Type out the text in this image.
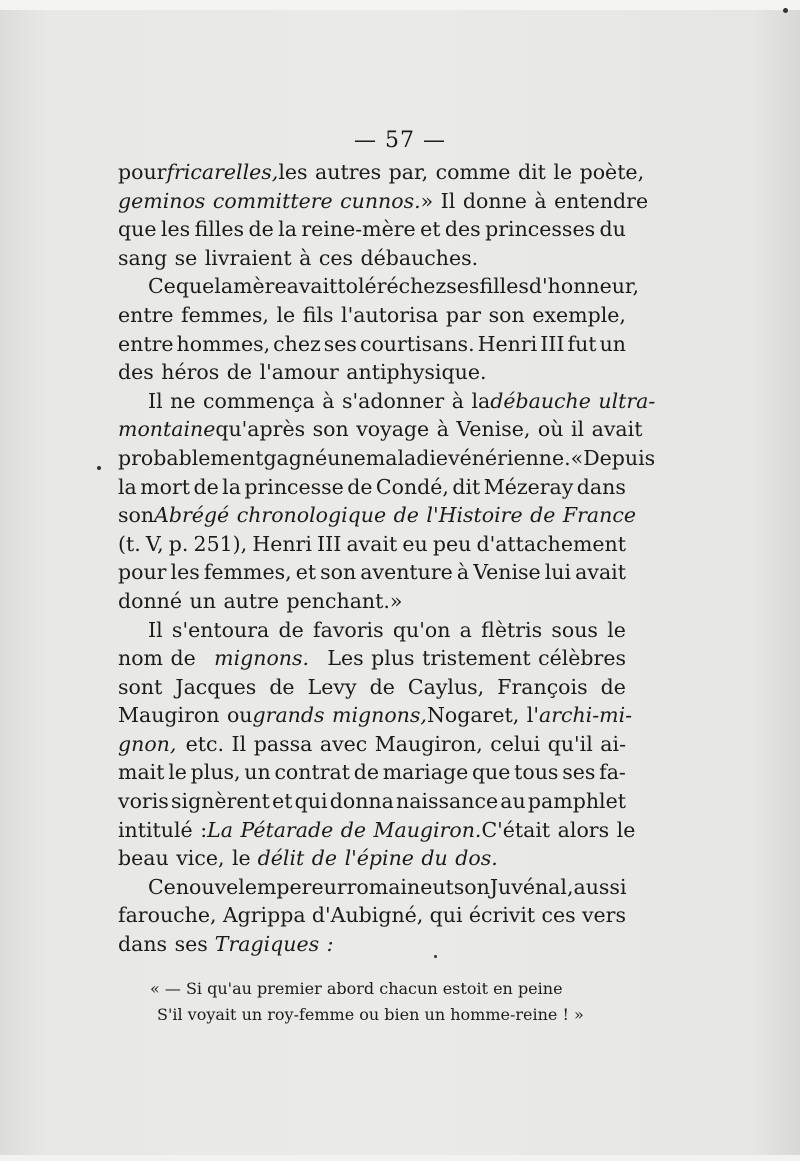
— 57 —
pour fricarelles, les autres par, comme dit le poète,
geminos committere cunnos. » Il donne à entendre
que les filles de la reine-mère et des princesses du
sang se livraient à ces débauches.
Ce que la mère avait toléré chez ses filles d'honneur,
entre femmes, le fils l'autorisa par son exemple,
entre hommes, chez ses courtisans. Henri III fut un
des héros de l'amour antiphysique.
Il ne commença à s'adonner à la débauche ultra-
montaine qu'après son voyage à Venise, où il avait
probablement gagné une maladie vénérienne. «Depuis
la mort de la princesse de Condé, dit Mézeray dans
son Abrégé chronologique de l'Histoire de France
(t. V, p. 251), Henri III avait eu peu d'attachement
pour les femmes, et son aventure à Venise lui avait
donné un autre penchant.»
Il s'entoura de favoris qu'on a flètris sous le
nom de mignons. Les plus tristement célèbres
sont Jacques de Levy de Caylus, François de
Maugiron ou grands mignons, Nogaret, l' archi-mi-
gnon, etc. Il passa avec Maugiron, celui qu'il ai-
mait le plus, un contrat de mariage que tous ses fa-
voris signèrent et qui donna naissance au pamphlet
intitulé : La Pétarade de Maugiron. C'était alors le
beau vice, le délit de l'épine du dos.
Ce nouvel empereur romain eut son Juvénal, aussi
farouche, Agrippa d'Aubigné, qui écrivit ces vers
dans ses Tragiques :
« — Si qu'au premier abord chacun estoit en peine
S'il voyait un roy-femme ou bien un homme-reine ! »
